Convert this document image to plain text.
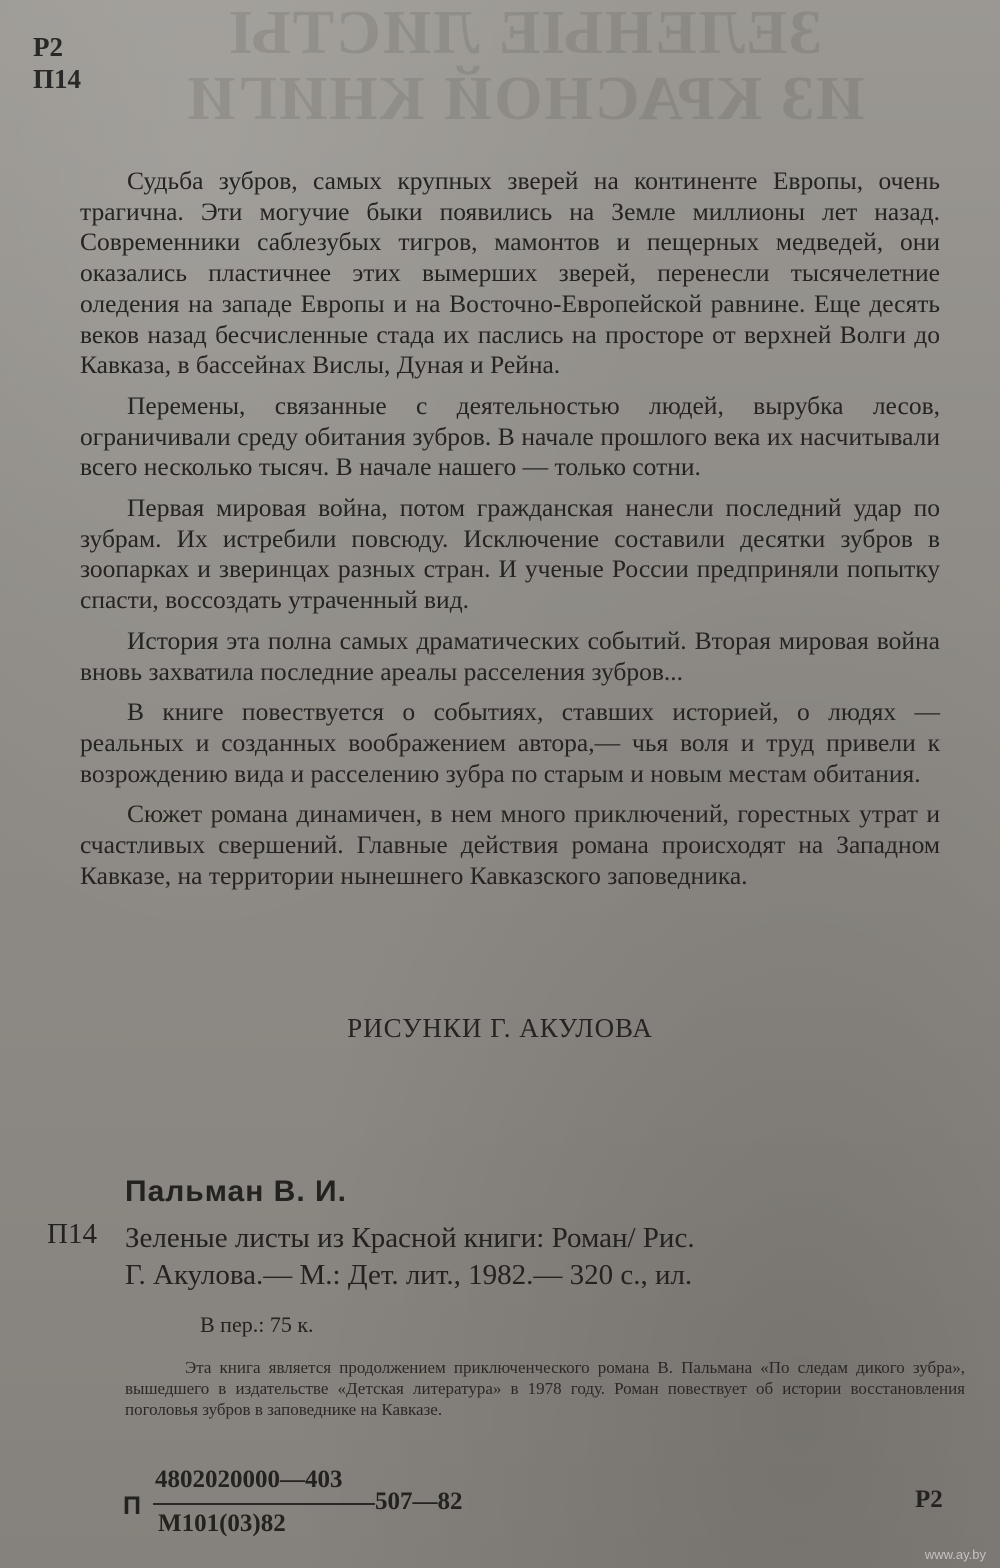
ЗЕЛЕНЫЕ ЛИСТЫ
ИЗ КРАСНОЙ КНИГИ
Р2
П14

Судьба зубров, самых крупных зверей на континенте Европы, очень трагична. Эти могучие быки появились на Земле миллионы лет назад. Современники саблезубых тигров, мамонтов и пещерных медведей, они оказались пластичнее этих вымерших зверей, перенесли тысячелетние оледения на западе Европы и на Восточно-Европейской равнине. Еще десять веков назад бесчисленные стада их паслись на просторе от верхней Волги до Кавказа, в бассейнах Вислы, Дуная и Рейна.

Перемены, связанные с деятельностью людей, вырубка лесов, ограничивали среду обитания зубров. В начале прошлого века их насчитывали всего несколько тысяч. В начале нашего — только сотни.

Первая мировая война, потом гражданская нанесли последний удар по зубрам. Их истребили повсюду. Исключение составили десятки зубров в зоопарках и зверинцах разных стран. И ученые России предприняли попытку спасти, воссоздать утраченный вид.

История эта полна самых драматических событий. Вторая мировая война вновь захватила последние ареалы расселения зубров...

В книге повествуется о событиях, ставших историей, о людях — реальных и созданных воображением автора,— чья воля и труд привели к возрождению вида и расселению зубра по старым и новым местам обитания.

Сюжет романа динамичен, в нем много приключений, горестных утрат и счастливых свершений. Главные действия романа происходят на Западном Кавказе, на территории нынешнего Кавказского заповедника.

РИСУНКИ Г. АКУЛОВА
Пальман В. И.
П14 Зеленые листы из Красной книги: Роман/ Рис.
Г. Акулова.— М.: Дет. лит., 1982.— 320 с., ил.
В пер.: 75 к.
Эта книга является продолжением приключенческого романа В. Пальмана «По следам дикого зубра», вышедшего в издательстве «Детская литература» в 1978 году. Роман повествует об истории восстановления поголовья зубров в заповеднике на Кавказе.
П
4802020000—403
М101(03)82
507—82	Р2
www.ay.by
